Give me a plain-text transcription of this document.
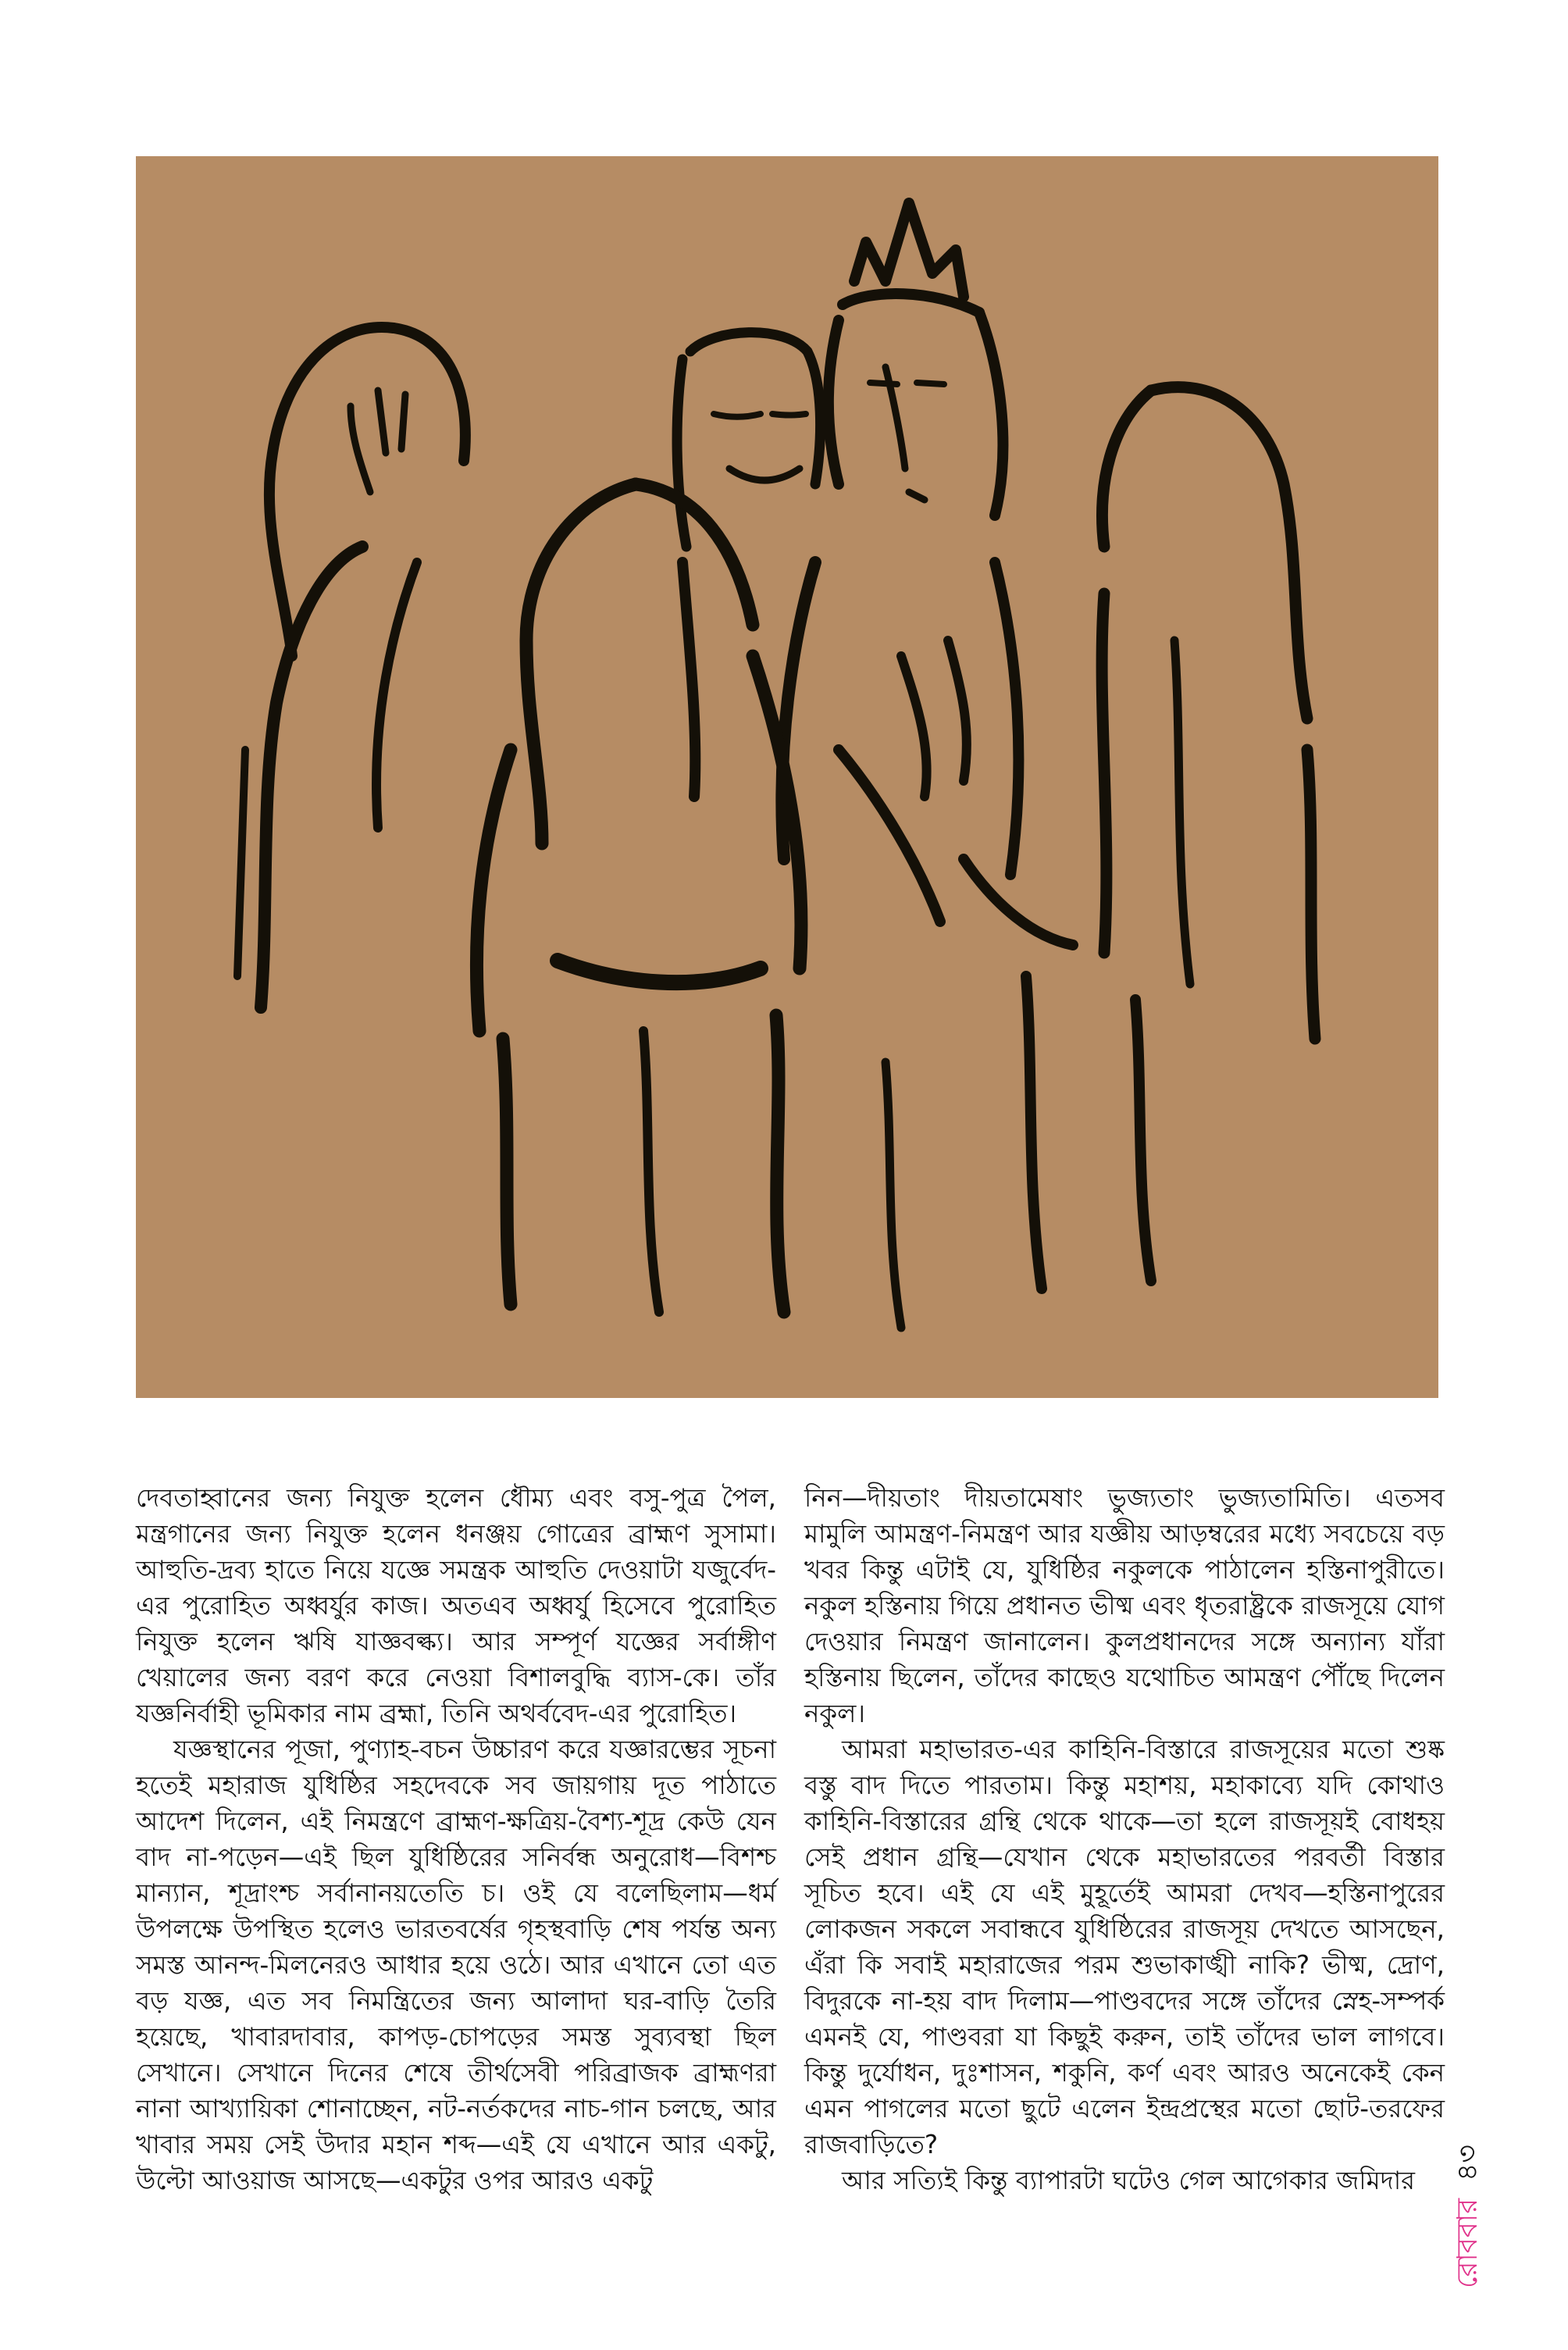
দেবতাহ্বানের জন্য নিযুক্ত হলেন ধৌম্য এবং বসু-পুত্র পৈল, মন্ত্রগানের জন্য নিযুক্ত হলেন ধনঞ্জয় গোত্রের ব্রাহ্মণ সুসামা। আহুতি-দ্রব্য হাতে নিয়ে যজ্ঞে সমন্ত্রক আহুতি দেওয়াটা যজুর্বেদ-এর পুরোহিত অধ্বর্যুর কাজ। অতএব অধ্বর্যু হিসেবে পুরোহিত নিযুক্ত হলেন ঋষি যাজ্ঞবল্ক্য। আর সম্পূর্ণ যজ্ঞের সর্বাঙ্গীণ খেয়ালের জন্য বরণ করে নেওয়া বিশালবুদ্ধি ব্যাস-কে। তাঁর যজ্ঞনির্বাহী ভূমিকার নাম ব্রহ্মা, তিনি অথর্ববেদ-এর পুরোহিত।

যজ্ঞস্থানের পূজা, পুণ্যাহ-বচন উচ্চারণ করে যজ্ঞারম্ভের সূচনা হতেই মহারাজ যুধিষ্ঠির সহদেবকে সব জায়গায় দূত পাঠাতে আদেশ দিলেন, এই নিমন্ত্রণে ব্রাহ্মণ-ক্ষত্রিয়-বৈশ্য-শূদ্র কেউ যেন বাদ না-পড়েন—এই ছিল যুধিষ্ঠিরের সনির্বন্ধ অনুরোধ—বিশশ্চ মান্যান, শূদ্রাংশ্চ সর্বানানয়তেতি চ। ওই যে বলেছিলাম—ধর্ম উপলক্ষে উপস্থিত হলেও ভারতবর্ষের গৃহস্থবাড়ি শেষ পর্যন্ত অন্য সমস্ত আনন্দ-মিলনেরও আধার হয়ে ওঠে। আর এখানে তো এত বড় যজ্ঞ, এত সব নিমন্ত্রিতের জন্য আলাদা ঘর-বাড়ি তৈরি হয়েছে, খাবারদাবার, কাপড়-চোপড়ের সমস্ত সুব্যবস্থা ছিল সেখানে। সেখানে দিনের শেষে তীর্থসেবী পরিব্রাজক ব্রাহ্মণরা নানা আখ্যায়িকা শোনাচ্ছেন, নট-নর্তকদের নাচ-গান চলছে, আর খাবার সময় সেই উদার মহান শব্দ—এই যে এখানে আর একটু, উল্টো আওয়াজ আসছে—একটুর ওপর আরও একটু

নিন—দীয়তাং দীয়তামেষাং ভুজ্যতাং ভুজ্যতামিতি। এতসব মামুলি আমন্ত্রণ-নিমন্ত্রণ আর যজ্ঞীয় আড়ম্বরের মধ্যে সবচেয়ে বড় খবর কিন্তু এটাই যে, যুধিষ্ঠির নকুলকে পাঠালেন হস্তিনাপুরীতে। নকুল হস্তিনায় গিয়ে প্রধানত ভীষ্ম এবং ধৃতরাষ্ট্রকে রাজসূয়ে যোগ দেওয়ার নিমন্ত্রণ জানালেন। কুলপ্রধানদের সঙ্গে অন্যান্য যাঁরা হস্তিনায় ছিলেন, তাঁদের কাছেও যথোচিত আমন্ত্রণ পৌঁছে দিলেন নকুল।

আমরা মহাভারত-এর কাহিনি-বিস্তারে রাজসূয়ের মতো শুষ্ক বস্তু বাদ দিতে পারতাম। কিন্তু মহাশয়, মহাকাব্যে যদি কোথাও কাহিনি-বিস্তারের গ্রন্থি থেকে থাকে—তা হলে রাজসূয়ই বোধহয় সেই প্রধান গ্রন্থি—যেখান থেকে মহাভারতের পরবর্তী বিস্তার সূচিত হবে। এই যে এই মুহূর্তেই আমরা দেখব—হস্তিনাপুরের লোকজন সকলে সবান্ধবে যুধিষ্ঠিরের রাজসূয় দেখতে আসছেন, এঁরা কি সবাই মহারাজের পরম শুভাকাঙ্খী নাকি? ভীষ্ম, দ্রোণ, বিদুরকে না-হয় বাদ দিলাম—পাণ্ডবদের সঙ্গে তাঁদের স্নেহ-সম্পর্ক এমনই যে, পাণ্ডবরা যা কিছুই করুন, তাই তাঁদের ভাল লাগবে। কিন্তু দুর্যোধন, দুঃশাসন, শকুনি, কর্ণ এবং আরও অনেকেই কেন এমন পাগলের মতো ছুটে এলেন ইন্দ্রপ্রস্থের মতো ছোট-তরফের রাজবাড়িতে?

আর সত্যিই কিন্তু ব্যাপারটা ঘটেও গেল আগেকার জমিদার

রোববার
৪৩
